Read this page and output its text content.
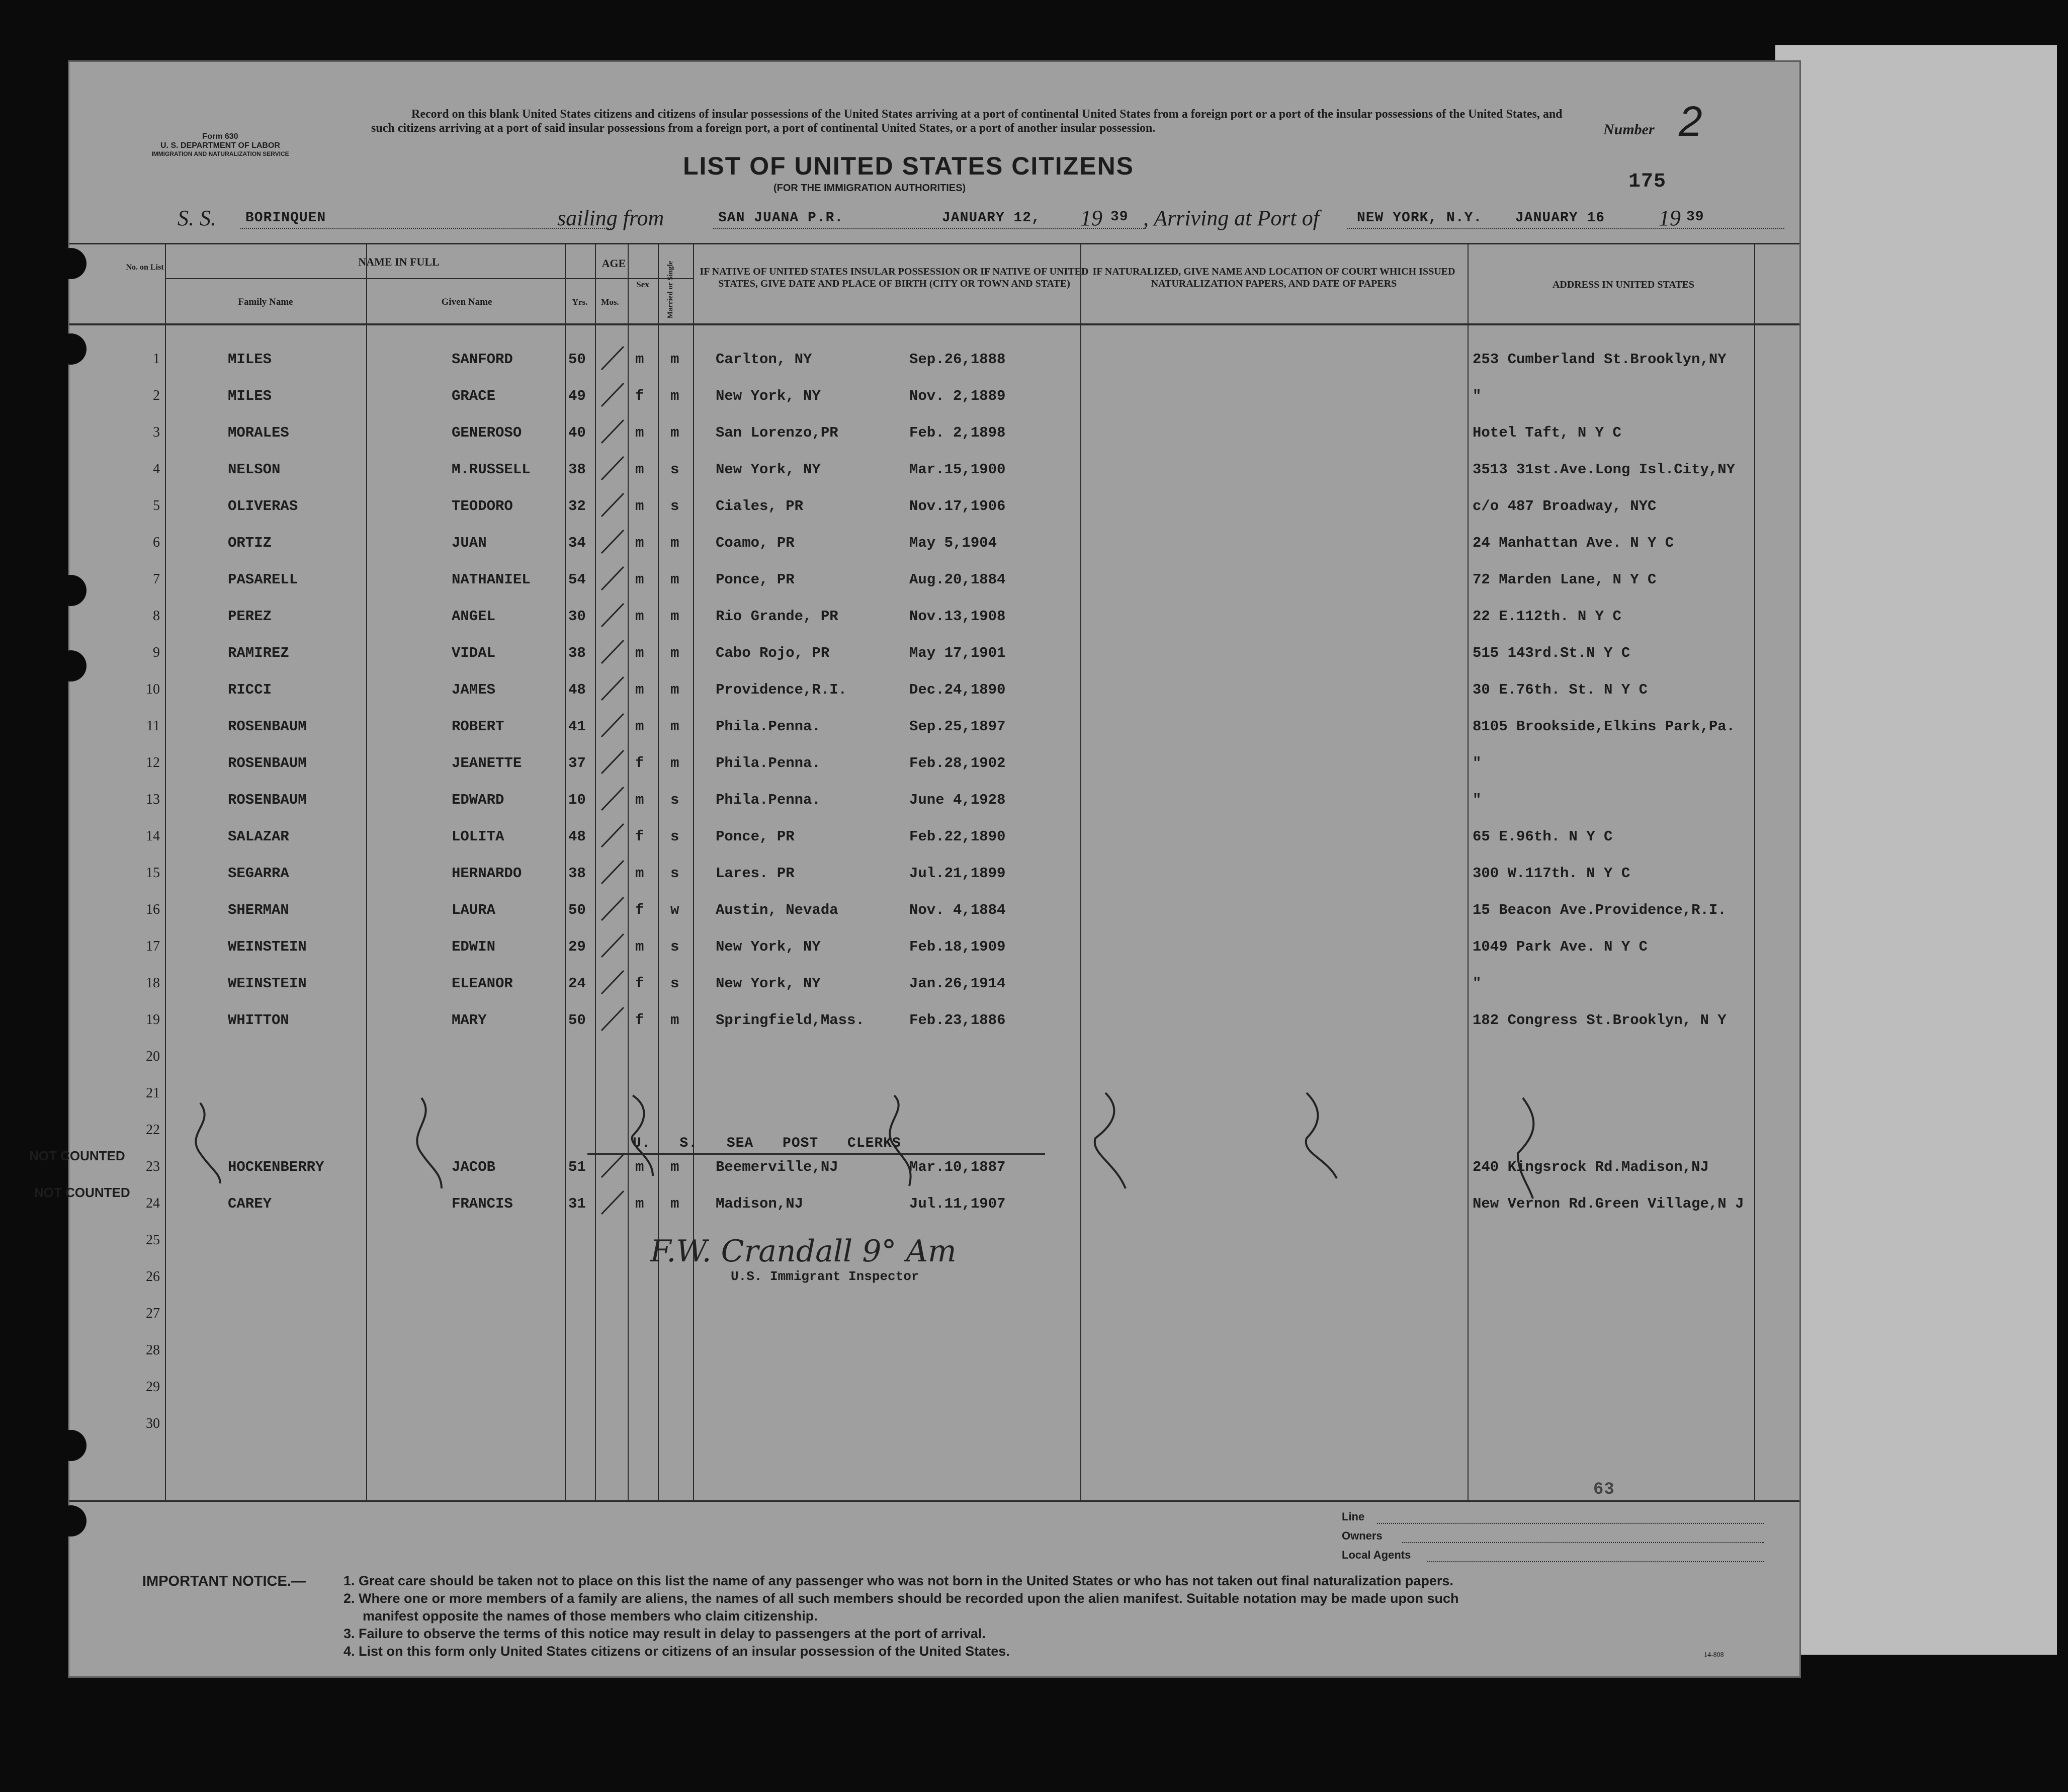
Form 630
U. S. DEPARTMENT OF LABOR
IMMIGRATION AND NATURALIZATION SERVICE
Record on this blank United States citizens and citizens of insular possessions of the United States arriving at a port of continental United States from a foreign port or a port of the insular possessions of the United States, and such citizens arriving at a port of said insular possessions from a foreign port, a port of continental United States, or a port of another insular possession.	Number 2
LIST OF UNITED STATES CITIZENS
(FOR THE IMMIGRATION AUTHORITIES)	175
S. S. BORINQUEN	sailing from	SAN JUANA P.R.	JANUARY 12, 19 39 , Arriving at Port of	NEW YORK, N.Y. JANUARY 16 19 39
No. on List	NAME IN FULL
Family Name	Given Name
AGE
Yrs.	Mos.
Sex	Married or Single	IF NATIVE OF UNITED STATES INSULAR POSSESSION OR IF NATIVE OF UNITED STATES, GIVE DATE AND PLACE OF BIRTH (CITY OR TOWN AND STATE)
IF NATURALIZED, GIVE NAME AND LOCATION OF COURT WHICH ISSUED NATURALIZATION PAPERS, AND DATE OF PAPERS	ADDRESS IN UNITED STATES
1	MILES	SANFORD	50	m m	Carlton, NY	Sep.26,1888	253 Cumberland St.Brooklyn,NY
2	MILES	GRACE	49	f m	New York, NY	Nov. 2,1889	"
3	MORALES	GENEROSO	40	m m	San Lorenzo,PR	Feb. 2,1898	Hotel Taft, N Y C
4	NELSON	M.RUSSELL	38	m s	New York, NY	Mar.15,1900	3513 31st.Ave.Long Isl.City,NY
5	OLIVERAS	TEODORO	32	m s	Ciales, PR	Nov.17,1906	c/o 487 Broadway, NYC
6	ORTIZ	JUAN	34	m m	Coamo, PR	May 5,1904	24 Manhattan Ave. N Y C
7	PASARELL	NATHANIEL	54	m m	Ponce, PR	Aug.20,1884	72 Marden Lane, N Y C
8	PEREZ	ANGEL	30	m m	Rio Grande, PR	Nov.13,1908	22 E.112th. N Y C
9	RAMIREZ	VIDAL	38	m m	Cabo Rojo, PR	May 17,1901	515 143rd.St.N Y C
10	RICCI	JAMES	48	m m	Providence,R.I.	Dec.24,1890	30 E.76th. St. N Y C
11	ROSENBAUM	ROBERT	41	m m	Phila.Penna.	Sep.25,1897	8105 Brookside,Elkins Park,Pa.
12	ROSENBAUM	JEANETTE	37	f m	Phila.Penna.	Feb.28,1902	"
13	ROSENBAUM	EDWARD	10	m s	Phila.Penna.	June 4,1928	"
14	SALAZAR	LOLITA	48	f s	Ponce, PR	Feb.22,1890	65 E.96th. N Y C
15	SEGARRA	HERNARDO	38	m s	Lares. PR	Jul.21,1899	300 W.117th. N Y C
16	SHERMAN	LAURA	50	f w	Austin, Nevada	Nov. 4,1884	15 Beacon Ave.Providence,R.I.
17	WEINSTEIN	EDWIN	29	m s	New York, NY	Feb.18,1909	1049 Park Ave. N Y C
18	WEINSTEIN	ELEANOR	24	f s	New York, NY	Jan.26,1914	"
19	WHITTON	MARY	50	f m	Springfield,Mass.	Feb.23,1886	182 Congress St.Brooklyn, N Y
20
21
22
23	HOCKENBERRY	JACOB	51	m m	Beemerville,NJ	Mar.10,1887	240 Kingsrock Rd.Madison,NJ
24	CAREY	FRANCIS	31	m m	Madison,NJ	Jul.11,1907	New Vernon Rd.Green Village,N J
25
26
27
28
29
30
U. S. SEA POST CLERKS
NOT COUNTED
NOT COUNTED
F.W. Crandall 9° Am
U.S. Immigrant Inspector
63
Line
Owners
Local Agents
IMPORTANT NOTICE.—	1. Great care should be taken not to place on this list the name of any passenger who was not born in the United States or who has not taken out final naturalization papers.
2. Where one or more members of a family are aliens, the names of all such members should be recorded upon the alien manifest. Suitable notation may be made upon such
manifest opposite the names of those members who claim citizenship.
3. Failure to observe the terms of this notice may result in delay to passengers at the port of arrival.
4. List on this form only United States citizens or citizens of an insular possession of the United States.	14-808
